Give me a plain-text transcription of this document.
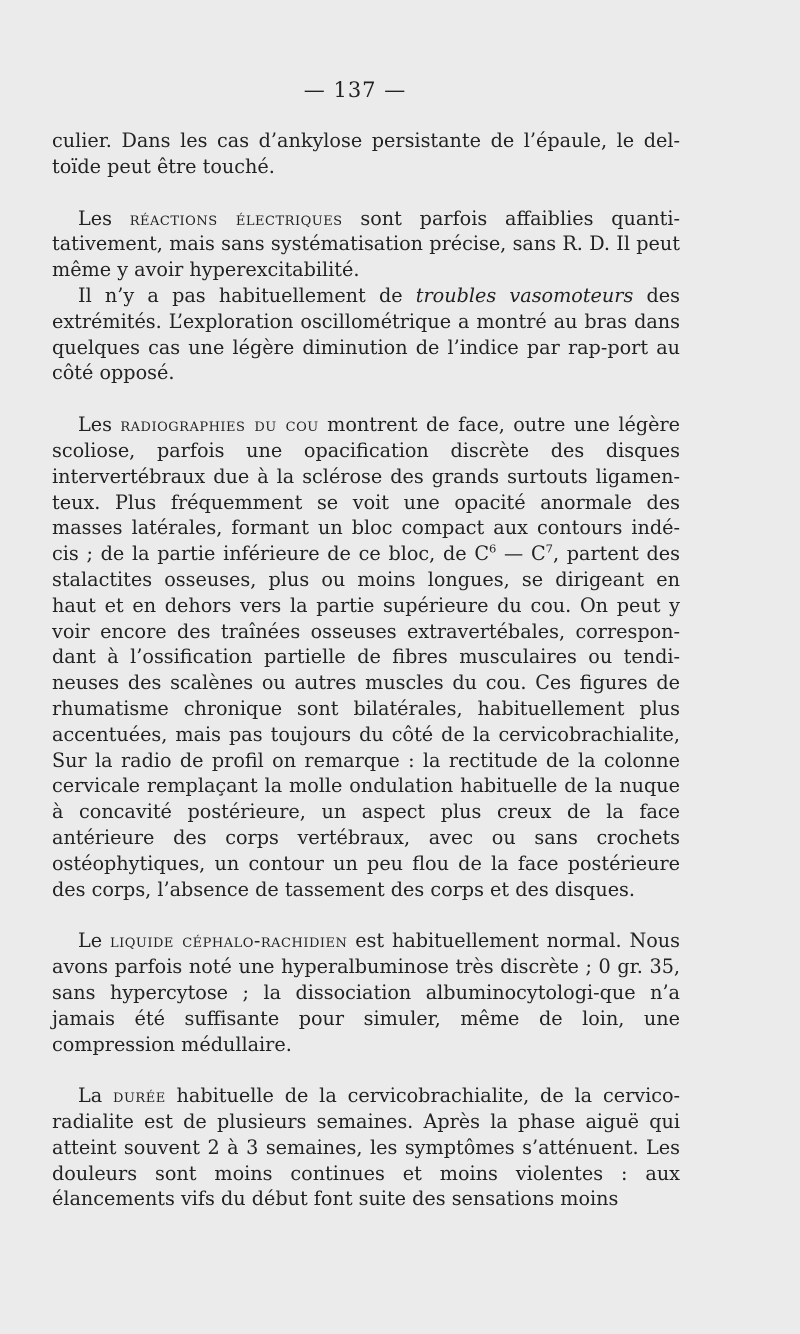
— 137 —

culier. Dans les cas d’ankylose persistante de l’épaule, le del-toïde peut être touché.

Les réactions électriques sont parfois affaiblies quanti-tativement, mais sans systématisation précise, sans R. D. Il peut même y avoir hyperexcitabilité.

Il n’y a pas habituellement de troubles vasomoteurs des extrémités. L’exploration oscillométrique a montré au bras dans quelques cas une légère diminution de l’indice par rap-port au côté opposé.

Les radiographies du cou montrent de face, outre une légère scoliose, parfois une opacification discrète des disques intervertébraux due à la sclérose des grands surtouts ligamen-teux. Plus fréquemment se voit une opacité anormale des masses latérales, formant un bloc compact aux contours indé-cis ; de la partie inférieure de ce bloc, de $C^6$ — $C^7$, partent des stalactites osseuses, plus ou moins longues, se dirigeant en haut et en dehors vers la partie supérieure du cou. On peut y voir encore des traînées osseuses extravertébales, correspon-dant à l’ossification partielle de fibres musculaires ou tendi-neuses des scalènes ou autres muscles du cou. Ces figures de rhumatisme chronique sont bilatérales, habituellement plus accentuées, mais pas toujours du côté de la cervicobrachialite, Sur la radio de profil on remarque : la rectitude de la colonne cervicale remplaçant la molle ondulation habituelle de la nuque à concavité postérieure, un aspect plus creux de la face antérieure des corps vertébraux, avec ou sans crochets ostéophytiques, un contour un peu flou de la face postérieure des corps, l’absence de tassement des corps et des disques.

Le liquide céphalo-rachidien est habituellement normal. Nous avons parfois noté une hyperalbuminose très discrète ; 0 gr. 35, sans hypercytose ; la dissociation albuminocytologi-que n’a jamais été suffisante pour simuler, même de loin, une compression médullaire.

La durée habituelle de la cervicobrachialite, de la cervico-radialite est de plusieurs semaines. Après la phase aiguë qui atteint souvent 2 à 3 semaines, les symptômes s’atténuent. Les douleurs sont moins continues et moins violentes : aux élancements vifs du début font suite des sensations moins
